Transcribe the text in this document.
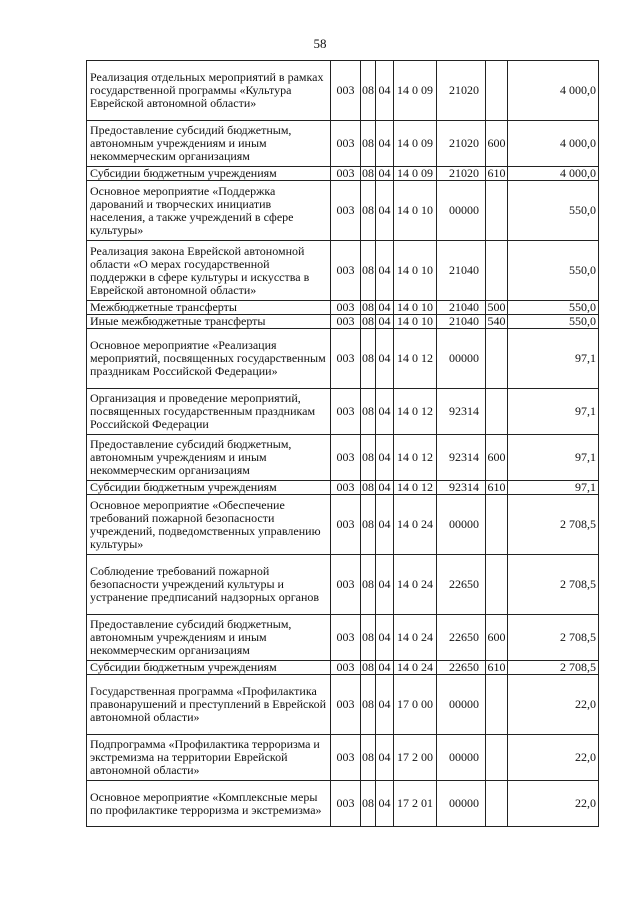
58
Реализация отдельных мероприятий в рамках государственной программы «Культура Еврейской автономной области»	003	08	04	14 0 09	21020		4 000,0
Предоставление субсидий бюджетным, автономным учреждениям и иным некоммерческим организациям	003	08	04	14 0 09	21020	600	4 000,0
Субсидии бюджетным учреждениям	003	08	04	14 0 09	21020	610	4 000,0
Основное мероприятие «Поддержка дарований и творческих инициатив населения, а также учреждений в сфере культуры»	003	08	04	14 0 10	00000		550,0
Реализация закона Еврейской автономной области «О мерах государственной поддержки в сфере культуры и искусства в Еврейской автономной области»	003	08	04	14 0 10	21040		550,0
Межбюджетные трансферты	003	08	04	14 0 10	21040	500	550,0
Иные межбюджетные трансферты	003	08	04	14 0 10	21040	540	550,0
Основное мероприятие «Реализация мероприятий, посвященных государственным праздникам Российской Федерации»	003	08	04	14 0 12	00000		97,1
Организация и проведение мероприятий, посвященных государственным праздникам Российской Федерации	003	08	04	14 0 12	92314		97,1
Предоставление субсидий бюджетным, автономным учреждениям и иным некоммерческим организациям	003	08	04	14 0 12	92314	600	97,1
Субсидии бюджетным учреждениям	003	08	04	14 0 12	92314	610	97,1
Основное мероприятие «Обеспечение требований пожарной безопасности учреждений, подведомственных управлению культуры»	003	08	04	14 0 24	00000		2 708,5
Соблюдение требований пожарной безопасности учреждений культуры и устранение предписаний надзорных органов	003	08	04	14 0 24	22650		2 708,5
Предоставление субсидий бюджетным, автономным учреждениям и иным некоммерческим организациям	003	08	04	14 0 24	22650	600	2 708,5
Субсидии бюджетным учреждениям	003	08	04	14 0 24	22650	610	2 708,5
Государственная программа «Профилактика правонарушений и преступлений в Еврейской автономной области»	003	08	04	17 0 00	00000		22,0
Подпрограмма «Профилактика терроризма и экстремизма на территории Еврейской автономной области»	003	08	04	17 2 00	00000		22,0
Основное мероприятие «Комплексные меры по профилактике терроризма и экстремизма»	003	08	04	17 2 01	00000		22,0
